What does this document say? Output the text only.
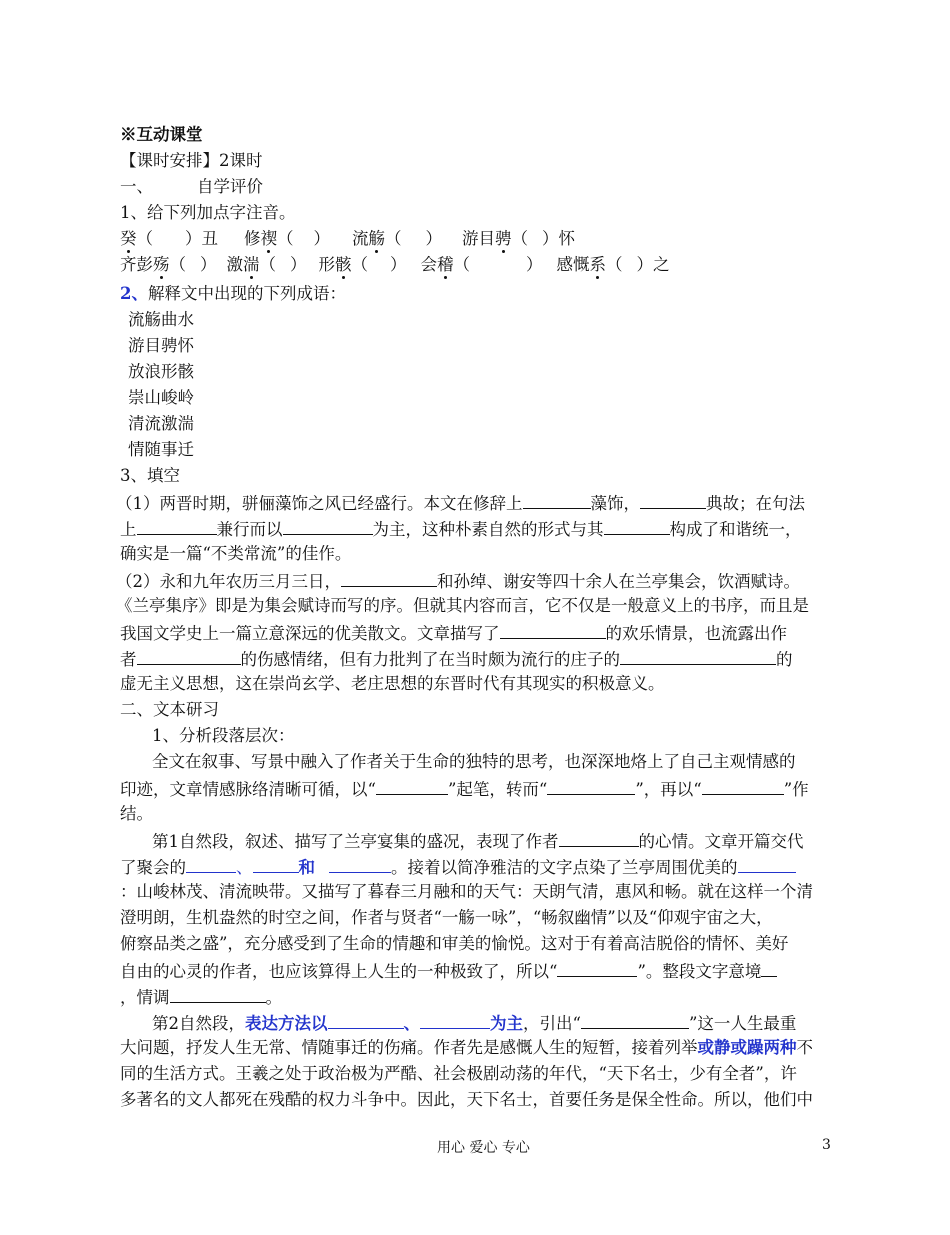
※互动课堂
【课时安排】2课时
一、	自学评价
1、给下列加点字注音。
癸（ ）丑 修禊（ ） 流觞（ ） 游目骋（ ）怀
齐彭殇（ ） 激湍（ ） 形骸（ ） 会稽（	） 感慨系（ ）之
2、解释文中出现的下列成语：
流觞曲水
游目骋怀
放浪形骸
崇山峻岭
清流激湍
情随事迁
3、填空
（1）两晋时期，骈俪藻饰之风已经盛行。本文在修辞上	藻饰，	典故；在句法
上	兼行而以	为主，这种朴素自然的形式与其	构成了和谐统一，
确实是一篇“不类常流”的佳作。
（2）永和九年农历三月三日，	和孙绰、谢安等四十余人在兰亭集会，饮酒赋诗。
《兰亭集序》即是为集会赋诗而写的序。但就其内容而言，它不仅是一般意义上的书序，而且是
我国文学史上一篇立意深远的优美散文。文章描写了	的欢乐情景，也流露出作
者	的伤感情绪，但有力批判了在当时颇为流行的庄子的	的
虚无主义思想，这在崇尚玄学、老庄思想的东晋时代有其现实的积极意义。
二、文本研习
1、分析段落层次：
全文在叙事、写景中融入了作者关于生命的独特的思考，也深深地烙上了自己主观情感的
印迹，文章情感脉络清晰可循，以“	”起笔，转而“	”，再以“	”作
结。
第1自然段，叙述、描写了兰亭宴集的盛况，表现了作者	的心情。文章开篇交代
了聚会的	、	和	。接着以简净雅洁的文字点染了兰亭周围优美的
：山峻林茂、清流映带。又描写了暮春三月融和的天气：天朗气清，惠风和畅。就在这样一个清
澄明朗，生机盎然的时空之间，作者与贤者“一觞一咏”，“畅叙幽情”以及“仰观宇宙之大，
俯察品类之盛”，充分感受到了生命的情趣和审美的愉悦。这对于有着高洁脱俗的情怀、美好
自由的心灵的作者，也应该算得上人生的一种极致了，所以“	”。整段文字意境
，情调	。
第2自然段，表达方法以	、	为主，引出“	”这一人生最重
大问题，抒发人生无常、情随事迁的伤痛。作者先是感慨人生的短暂，接着列举或静或躁两种不
同的生活方式。王羲之处于政治极为严酷、社会极剧动荡的年代，“天下名士，少有全者”，许
多著名的文人都死在残酷的权力斗争中。因此，天下名士，首要任务是保全性命。所以，他们中
用心 爱心 专心	3
